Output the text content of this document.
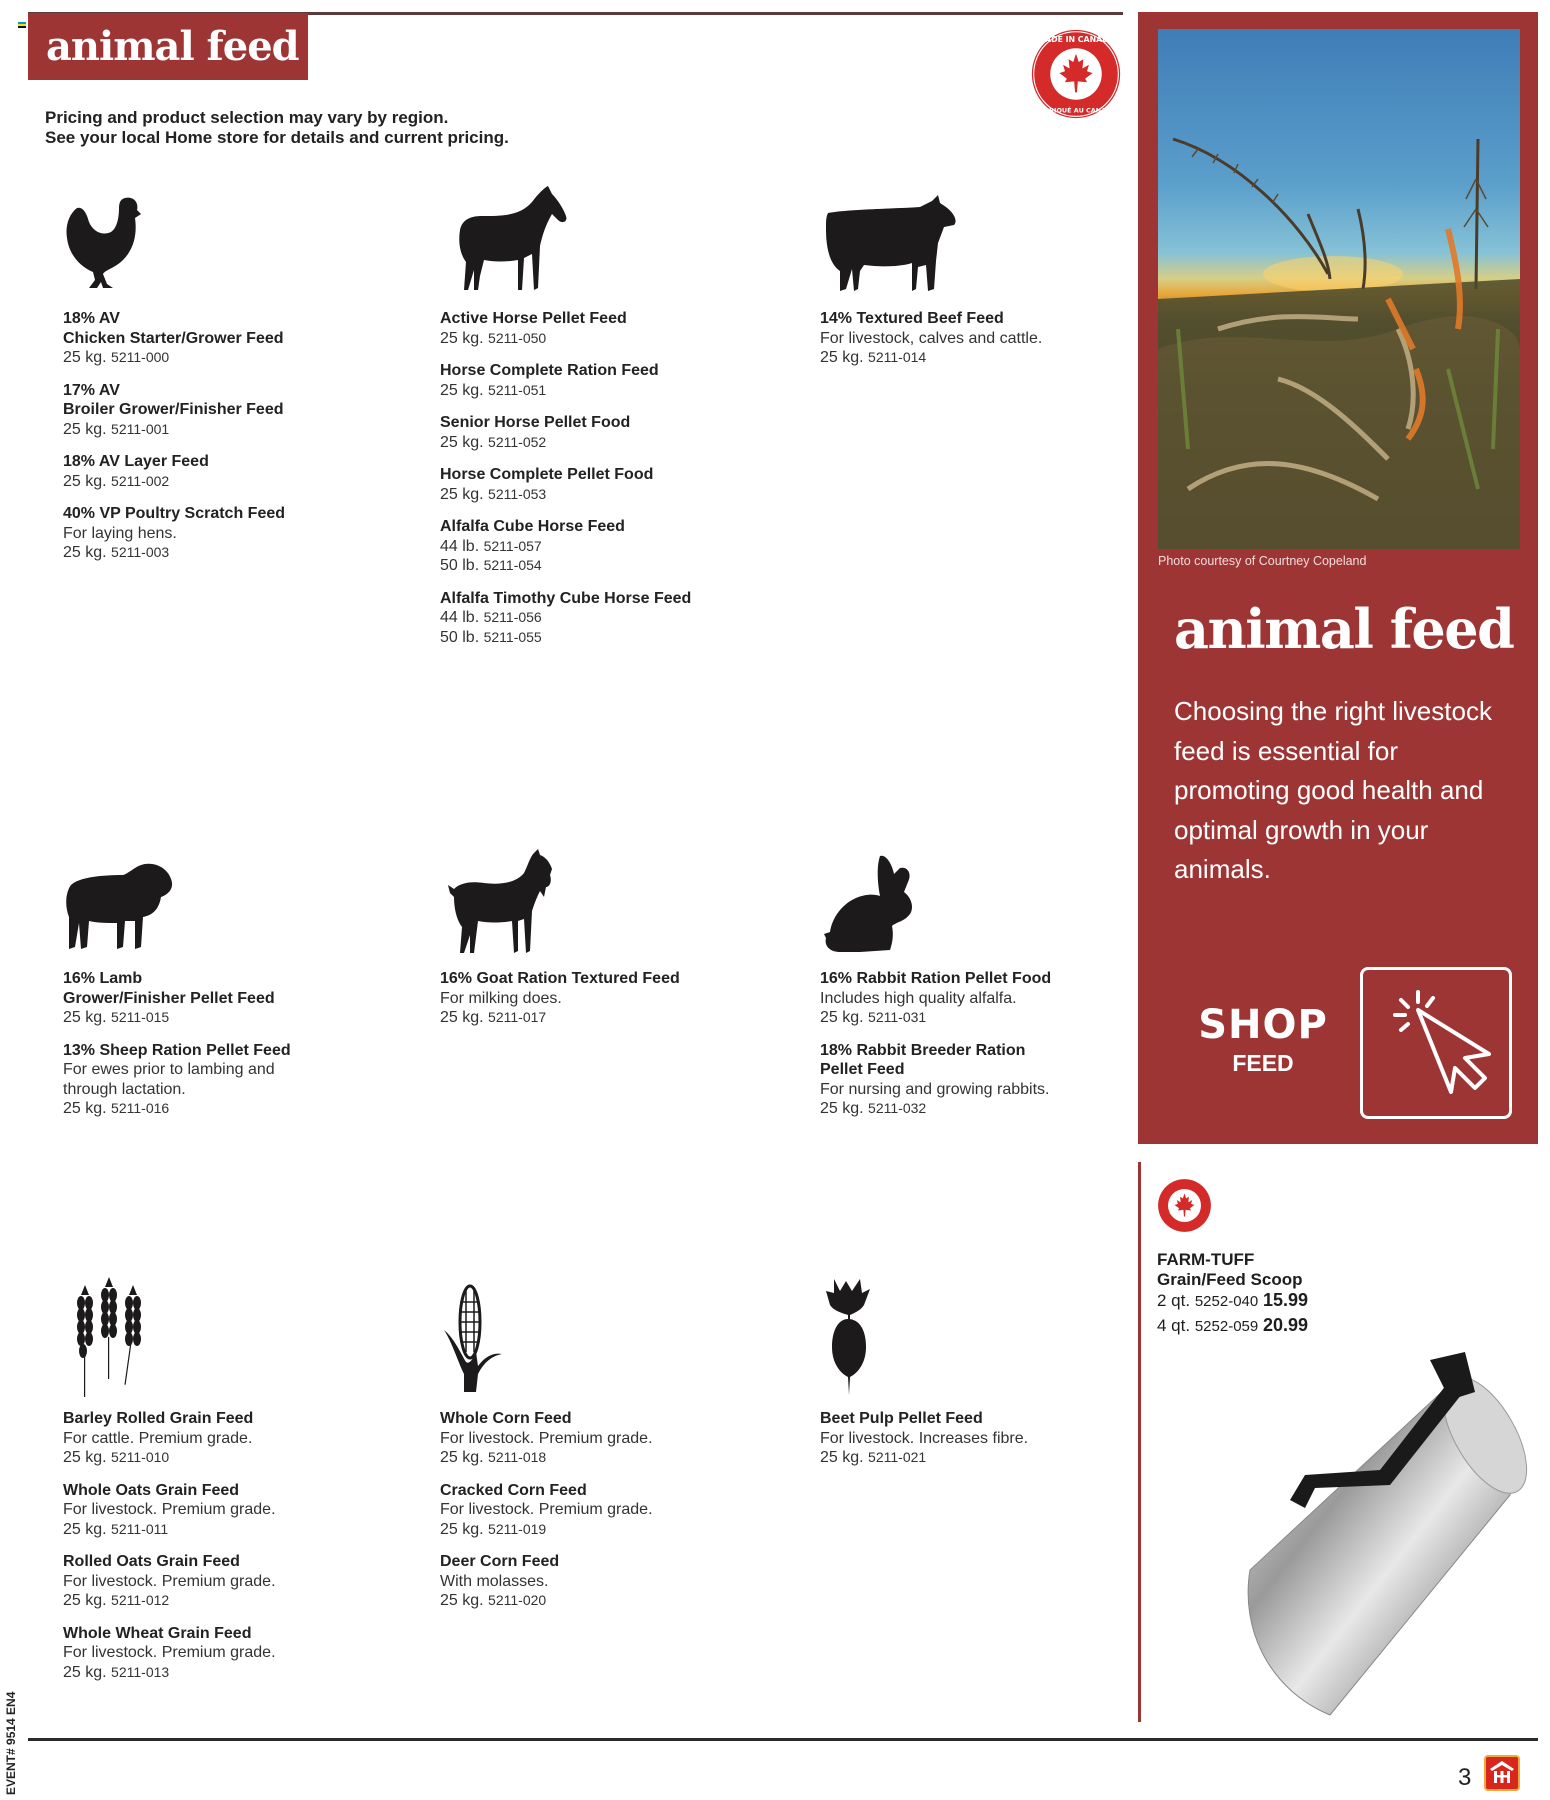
animal feed
Pricing and product selection may vary by region.
See your local Home store for details and current pricing.
MADE IN CANADA
FABRIQUÉ AU CANADA
18% AV
Chicken Starter/Grower Feed
25 kg. 5211-000
17% AV
Broiler Grower/Finisher Feed
25 kg. 5211-001
18% AV Layer Feed
25 kg. 5211-002
40% VP Poultry Scratch Feed
For laying hens.
25 kg. 5211-003
Active Horse Pellet Feed
25 kg. 5211-050
Horse Complete Ration Feed
25 kg. 5211-051
Senior Horse Pellet Food
25 kg. 5211-052
Horse Complete Pellet Food
25 kg. 5211-053
Alfalfa Cube Horse Feed
44 lb. 5211-057
50 lb. 5211-054
Alfalfa Timothy Cube Horse Feed
44 lb. 5211-056
50 lb. 5211-055
14% Textured Beef Feed
For livestock, calves and cattle.
25 kg. 5211-014
16% Lamb
Grower/Finisher Pellet Feed
25 kg. 5211-015
13% Sheep Ration Pellet Feed
For ewes prior to lambing and through lactation.
25 kg. 5211-016
16% Goat Ration Textured Feed
For milking does.
25 kg. 5211-017
16% Rabbit Ration Pellet Food
Includes high quality alfalfa.
25 kg. 5211-031
18% Rabbit Breeder Ration
Pellet Feed
For nursing and growing rabbits.
25 kg. 5211-032
Barley Rolled Grain Feed
For cattle. Premium grade.
25 kg. 5211-010
Whole Oats Grain Feed
For livestock. Premium grade.
25 kg. 5211-011
Rolled Oats Grain Feed
For livestock. Premium grade.
25 kg. 5211-012
Whole Wheat Grain Feed
For livestock. Premium grade.
25 kg. 5211-013
Whole Corn Feed
For livestock. Premium grade.
25 kg. 5211-018
Cracked Corn Feed
For livestock. Premium grade.
25 kg. 5211-019
Deer Corn Feed
With molasses.
25 kg. 5211-020
Beet Pulp Pellet Feed
For livestock. Increases fibre.
25 kg. 5211-021
Photo courtesy of Courtney Copeland
animal feed
Choosing the right livestock feed is essential for promoting good health and optimal growth in your animals.
SHOP
FEED
FARM-TUFF
Grain/Feed Scoop
2 qt. 5252-040 15.99
4 qt. 5252-059 20.99
EVENT# 9514 EN4	3
